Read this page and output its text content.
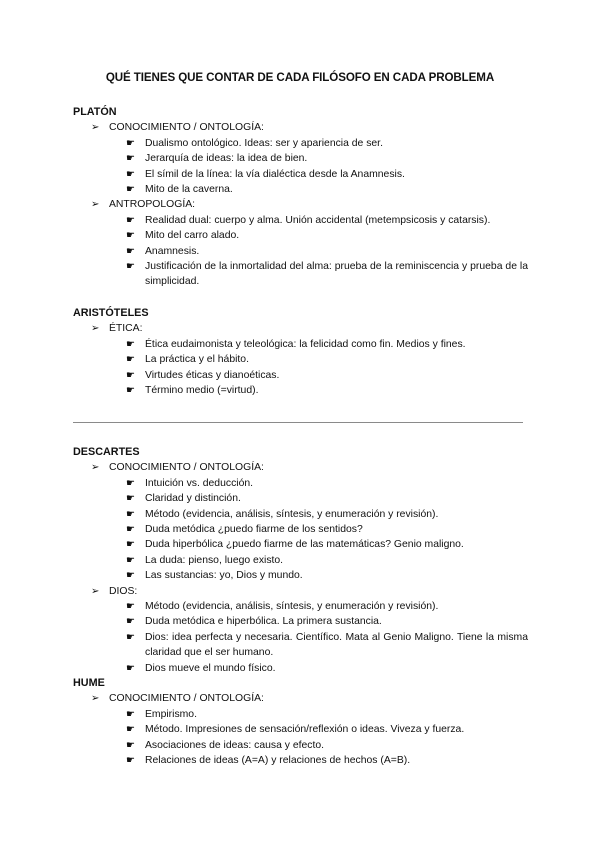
QUÉ TIENES QUE CONTAR DE CADA FILÓSOFO EN CADA PROBLEMA
PLATÓN
➢ CONOCIMIENTO / ONTOLOGÍA:
☛ Dualismo ontológico. Ideas: ser y apariencia de ser.
☛ Jerarquía de ideas: la idea de bien.
☛ El símil de la línea: la vía dialéctica desde la Anamnesis.
☛ Mito de la caverna.
➢ ANTROPOLOGÍA:
☛ Realidad dual: cuerpo y alma. Unión accidental (metempsicosis y catarsis).
☛ Mito del carro alado.
☛ Anamnesis.
☛ Justificación de la inmortalidad del alma: prueba de la reminiscencia y prueba de la simplicidad.
ARISTÓTELES
➢ ÉTICA:
☛ Ética eudaimonista y teleológica: la felicidad como fin. Medios y fines.
☛ La práctica y el hábito.
☛ Virtudes éticas y dianoéticas.
☛ Término medio (=virtud).
DESCARTES
➢ CONOCIMIENTO / ONTOLOGÍA:
☛ Intuición vs. deducción.
☛ Claridad y distinción.
☛ Método (evidencia, análisis, síntesis, y enumeración y revisión).
☛ Duda metódica ¿puedo fiarme de los sentidos?
☛ Duda hiperbólica ¿puedo fiarme de las matemáticas? Genio maligno.
☛ La duda: pienso, luego existo.
☛ Las sustancias: yo, Dios y mundo.
➢ DIOS:
☛ Método (evidencia, análisis, síntesis, y enumeración y revisión).
☛ Duda metódica e hiperbólica. La primera sustancia.
☛ Dios: idea perfecta y necesaria. Científico. Mata al Genio Maligno. Tiene la misma claridad que el ser humano.
☛ Dios mueve el mundo físico.
HUME
➢ CONOCIMIENTO / ONTOLOGÍA:
☛ Empirismo.
☛ Método. Impresiones de sensación/reflexión o ideas. Viveza y fuerza.
☛ Asociaciones de ideas: causa y efecto.
☛ Relaciones de ideas (A=A) y relaciones de hechos (A=B).
